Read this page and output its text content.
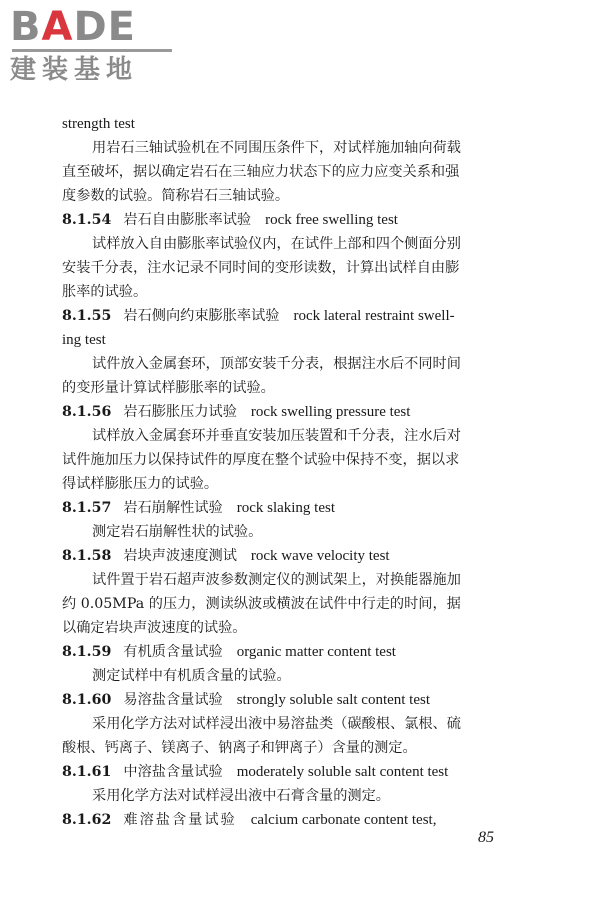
BADE
建装基地
strength test
用岩石三轴试验机在不同围压条件下，对试样施加轴向荷载
直至破坏，据以确定岩石在三轴应力状态下的应力应变关系和强
度参数的试验。简称岩石三轴试验。
8.1.54 岩石自由膨胀率试验 rock free swelling test
试样放入自由膨胀率试验仪内，在试件上部和四个侧面分别
安装千分表，注水记录不同时间的变形读数，计算出试样自由膨
胀率的试验。
8.1.55 岩石侧向约束膨胀率试验 rock lateral restraint swell-
ing test
试件放入金属套环，顶部安装千分表，根据注水后不同时间
的变形量计算试样膨胀率的试验。
8.1.56 岩石膨胀压力试验 rock swelling pressure test
试样放入金属套环并垂直安装加压装置和千分表，注水后对
试件施加压力以保持试件的厚度在整个试验中保持不变，据以求
得试样膨胀压力的试验。
8.1.57 岩石崩解性试验 rock slaking test
测定岩石崩解性状的试验。
8.1.58 岩块声波速度测试 rock wave velocity test
试件置于岩石超声波参数测定仪的测试架上，对换能器施加
约 0.05MPa 的压力，测读纵波或横波在试件中行走的时间，据
以确定岩块声波速度的试验。
8.1.59 有机质含量试验 organic matter content test
测定试样中有机质含量的试验。
8.1.60 易溶盐含量试验 strongly soluble salt content test
采用化学方法对试样浸出液中易溶盐类（碳酸根、氯根、硫
酸根、钙离子、镁离子、钠离子和钾离子）含量的测定。
8.1.61 中溶盐含量试验 moderately soluble salt content test
采用化学方法对试样浸出液中石膏含量的测定。
8.1.62 难溶盐含量试验 calcium carbonate content test,
85
